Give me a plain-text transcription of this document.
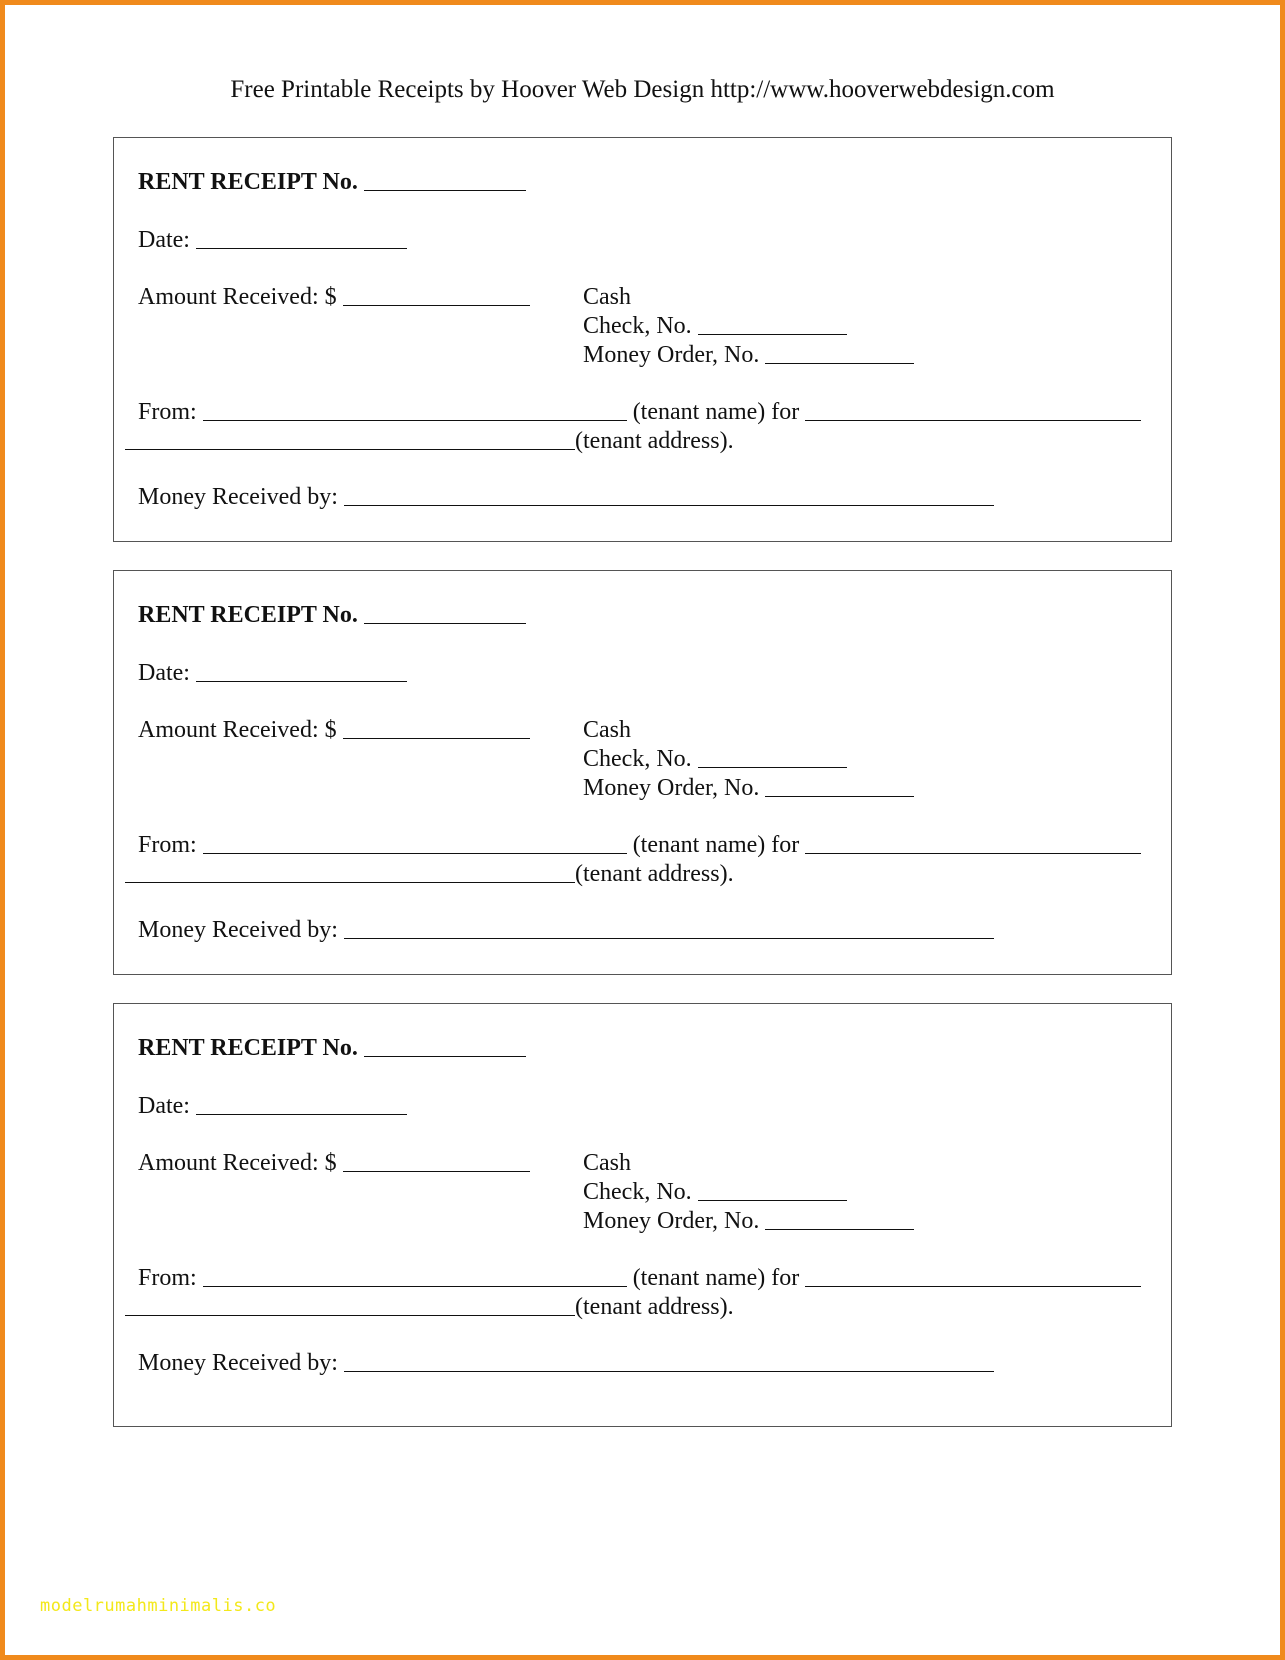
Free Printable Receipts by Hoover Web Design http://www.hooverwebdesign.com
RENT RECEIPT No.
Date:
Amount Received: $	Cash
Check, No.
Money Order, No.
From:	(tenant name) for
(tenant address).
Money Received by:
RENT RECEIPT No.
Date:
Amount Received: $	Cash
Check, No.
Money Order, No.
From:	(tenant name) for
(tenant address).
Money Received by:
RENT RECEIPT No.
Date:
Amount Received: $	Cash
Check, No.
Money Order, No.
From:	(tenant name) for
(tenant address).
Money Received by:
modelrumahminimalis.co
